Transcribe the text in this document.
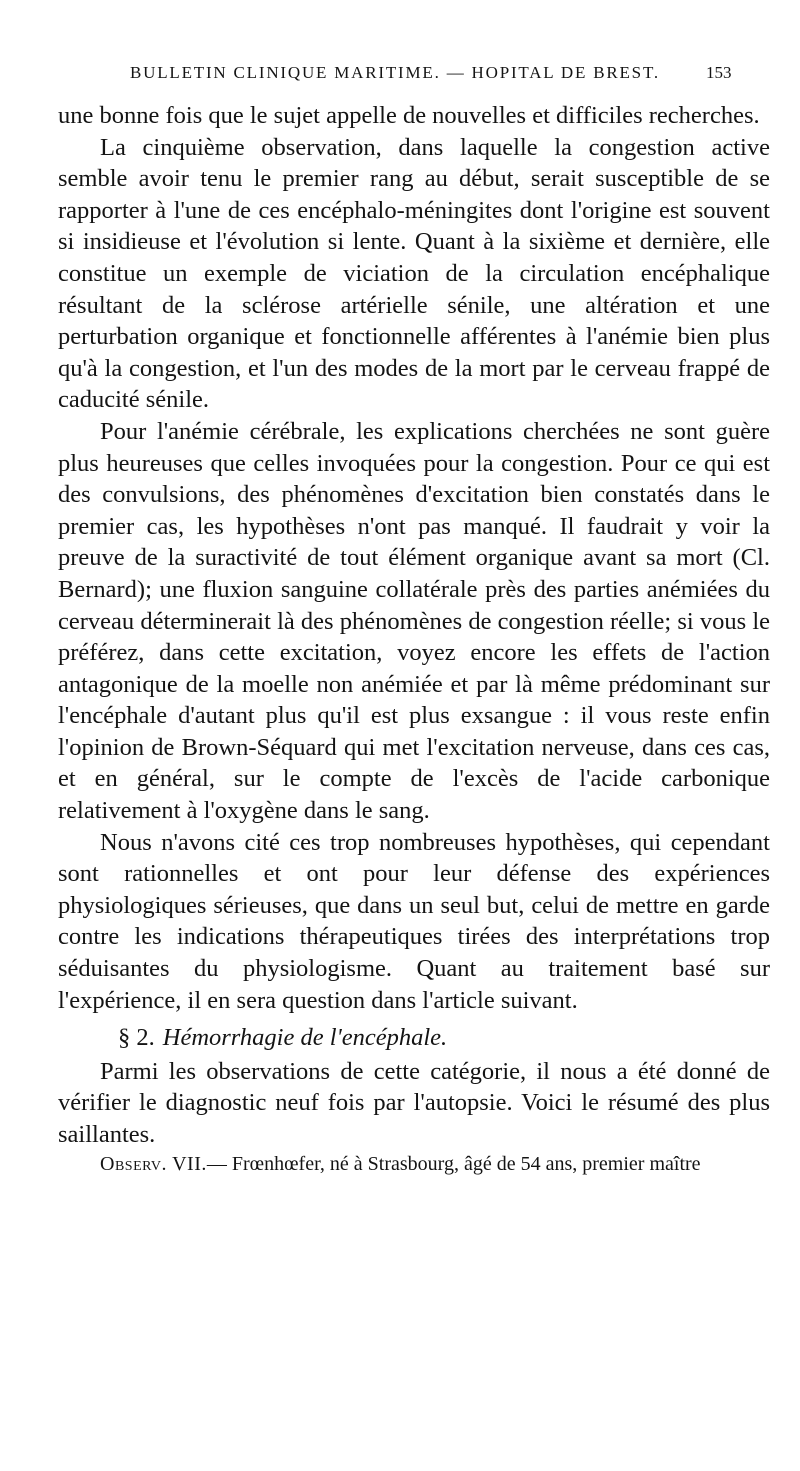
BULLETIN CLINIQUE MARITIME. — HOPITAL DE BREST.	153

une bonne fois que le sujet appelle de nouvelles et difficiles recherches.

La cinquième observation, dans laquelle la congestion active semble avoir tenu le premier rang au début, serait susceptible de se rapporter à l'une de ces encéphalo-méningites dont l'origine est souvent si insidieuse et l'évolution si lente. Quant à la sixième et dernière, elle constitue un exemple de viciation de la circulation encéphalique résultant de la sclérose artérielle sénile, une altération et une perturbation organique et fonctionnelle afférentes à l'anémie bien plus qu'à la congestion, et l'un des modes de la mort par le cerveau frappé de caducité sénile.

Pour l'anémie cérébrale, les explications cherchées ne sont guère plus heureuses que celles invoquées pour la congestion. Pour ce qui est des convulsions, des phénomènes d'excitation bien constatés dans le premier cas, les hypothèses n'ont pas manqué. Il faudrait y voir la preuve de la suractivité de tout élément organique avant sa mort (Cl. Bernard); une fluxion sanguine collatérale près des parties anémiées du cerveau déterminerait là des phénomènes de congestion réelle; si vous le préférez, dans cette excitation, voyez encore les effets de l'action antagonique de la moelle non anémiée et par là même prédominant sur l'encéphale d'autant plus qu'il est plus exsangue : il vous reste enfin l'opinion de Brown-Séquard qui met l'excitation nerveuse, dans ces cas, et en général, sur le compte de l'excès de l'acide carbonique relativement à l'oxygène dans le sang.

Nous n'avons cité ces trop nombreuses hypothèses, qui cependant sont rationnelles et ont pour leur défense des expériences physiologiques sérieuses, que dans un seul but, celui de mettre en garde contre les indications thérapeutiques tirées des interprétations trop séduisantes du physiologisme. Quant au traitement basé sur l'expérience, il en sera question dans l'article suivant.

§ 2. Hémorrhagie de l'encéphale.

Parmi les observations de cette catégorie, il nous a été donné de vérifier le diagnostic neuf fois par l'autopsie. Voici le résumé des plus saillantes.

Observ. VII.— Frœnhœfer, né à Strasbourg, âgé de 54 ans, premier maître
